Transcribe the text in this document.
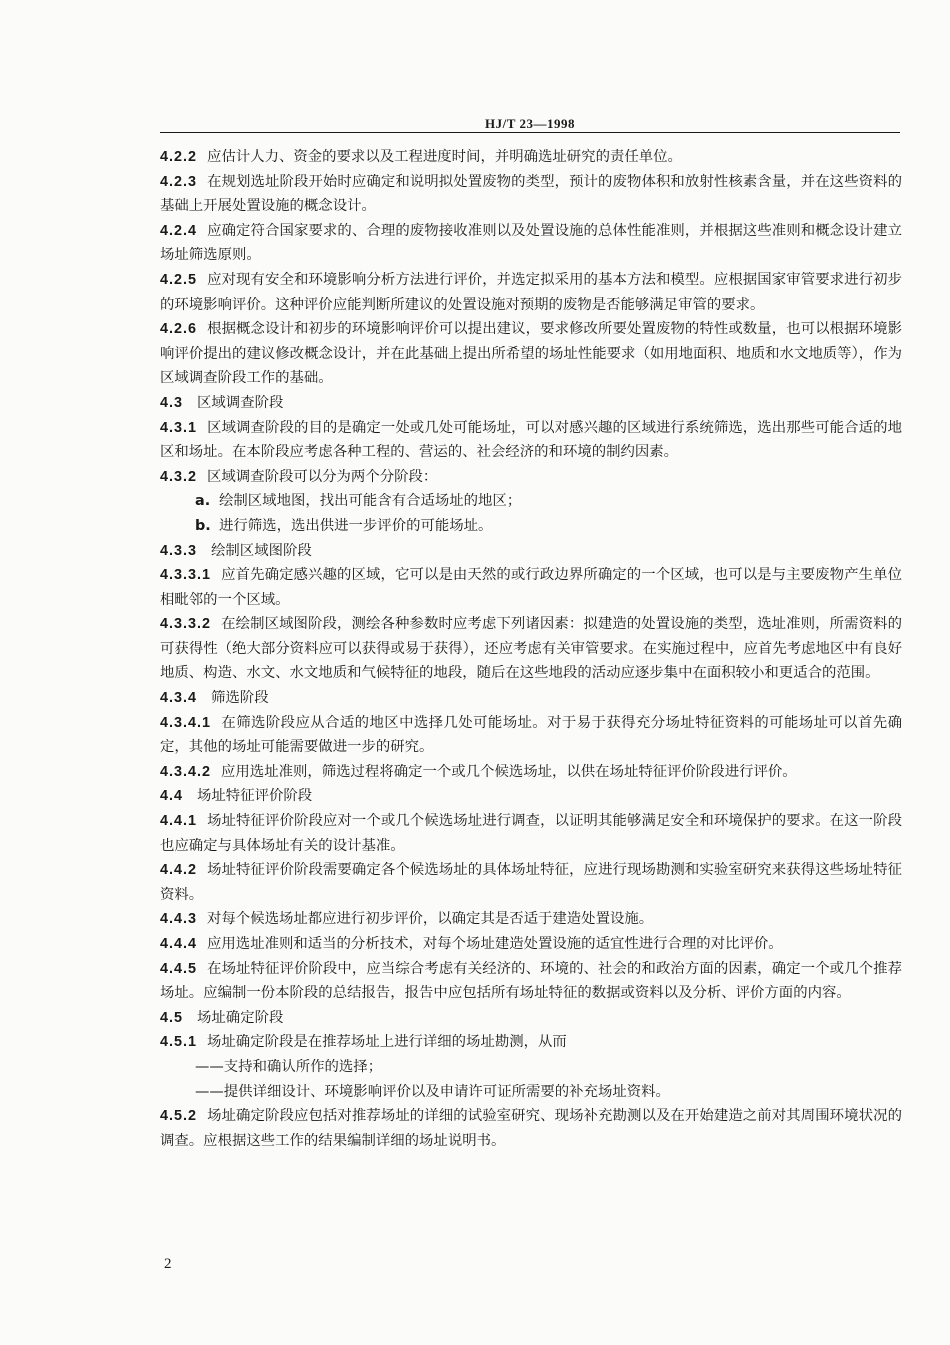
HJ/T 23—1998

4.2.2 应估计人力、资金的要求以及工程进度时间，并明确选址研究的责任单位。

4.2.3 在规划选址阶段开始时应确定和说明拟处置废物的类型，预计的废物体积和放射性核素含量，并在这些资料的基础上开展处置设施的概念设计。

4.2.4 应确定符合国家要求的、合理的废物接收准则以及处置设施的总体性能准则，并根据这些准则和概念设计建立场址筛选原则。

4.2.5 应对现有安全和环境影响分析方法进行评价，并选定拟采用的基本方法和模型。应根据国家审管要求进行初步的环境影响评价。这种评价应能判断所建议的处置设施对预期的废物是否能够满足审管的要求。

4.2.6 根据概念设计和初步的环境影响评价可以提出建议，要求修改所要处置废物的特性或数量，也可以根据环境影响评价提出的建议修改概念设计，并在此基础上提出所希望的场址性能要求（如用地面积、地质和水文地质等），作为区域调查阶段工作的基础。

4.3 区域调查阶段

4.3.1 区域调查阶段的目的是确定一处或几处可能场址，可以对感兴趣的区域进行系统筛选，选出那些可能合适的地区和场址。在本阶段应考虑各种工程的、营运的、社会经济的和环境的制约因素。

4.3.2 区域调查阶段可以分为两个分阶段：

a. 绘制区域地图，找出可能含有合适场址的地区；

b. 进行筛选，选出供进一步评价的可能场址。

4.3.3 绘制区域图阶段

4.3.3.1 应首先确定感兴趣的区域，它可以是由天然的或行政边界所确定的一个区域，也可以是与主要废物产生单位相毗邻的一个区域。

4.3.3.2 在绘制区域图阶段，测绘各种参数时应考虑下列诸因素：拟建造的处置设施的类型，选址准则，所需资料的可获得性（绝大部分资料应可以获得或易于获得），还应考虑有关审管要求。在实施过程中，应首先考虑地区中有良好地质、构造、水文、水文地质和气候特征的地段，随后在这些地段的活动应逐步集中在面积较小和更适合的范围。

4.3.4 筛选阶段

4.3.4.1 在筛选阶段应从合适的地区中选择几处可能场址。对于易于获得充分场址特征资料的可能场址可以首先确定，其他的场址可能需要做进一步的研究。

4.3.4.2 应用选址准则，筛选过程将确定一个或几个候选场址，以供在场址特征评价阶段进行评价。

4.4 场址特征评价阶段

4.4.1 场址特征评价阶段应对一个或几个候选场址进行调查，以证明其能够满足安全和环境保护的要求。在这一阶段也应确定与具体场址有关的设计基准。

4.4.2 场址特征评价阶段需要确定各个候选场址的具体场址特征，应进行现场勘测和实验室研究来获得这些场址特征资料。

4.4.3 对每个候选场址都应进行初步评价，以确定其是否适于建造处置设施。

4.4.4 应用选址准则和适当的分析技术，对每个场址建造处置设施的适宜性进行合理的对比评价。

4.4.5 在场址特征评价阶段中，应当综合考虑有关经济的、环境的、社会的和政治方面的因素，确定一个或几个推荐场址。应编制一份本阶段的总结报告，报告中应包括所有场址特征的数据或资料以及分析、评价方面的内容。

4.5 场址确定阶段

4.5.1 场址确定阶段是在推荐场址上进行详细的场址勘测，从而

——支持和确认所作的选择；

——提供详细设计、环境影响评价以及申请许可证所需要的补充场址资料。

4.5.2 场址确定阶段应包括对推荐场址的详细的试验室研究、现场补充勘测以及在开始建造之前对其周围环境状况的调查。应根据这些工作的结果编制详细的场址说明书。

2
